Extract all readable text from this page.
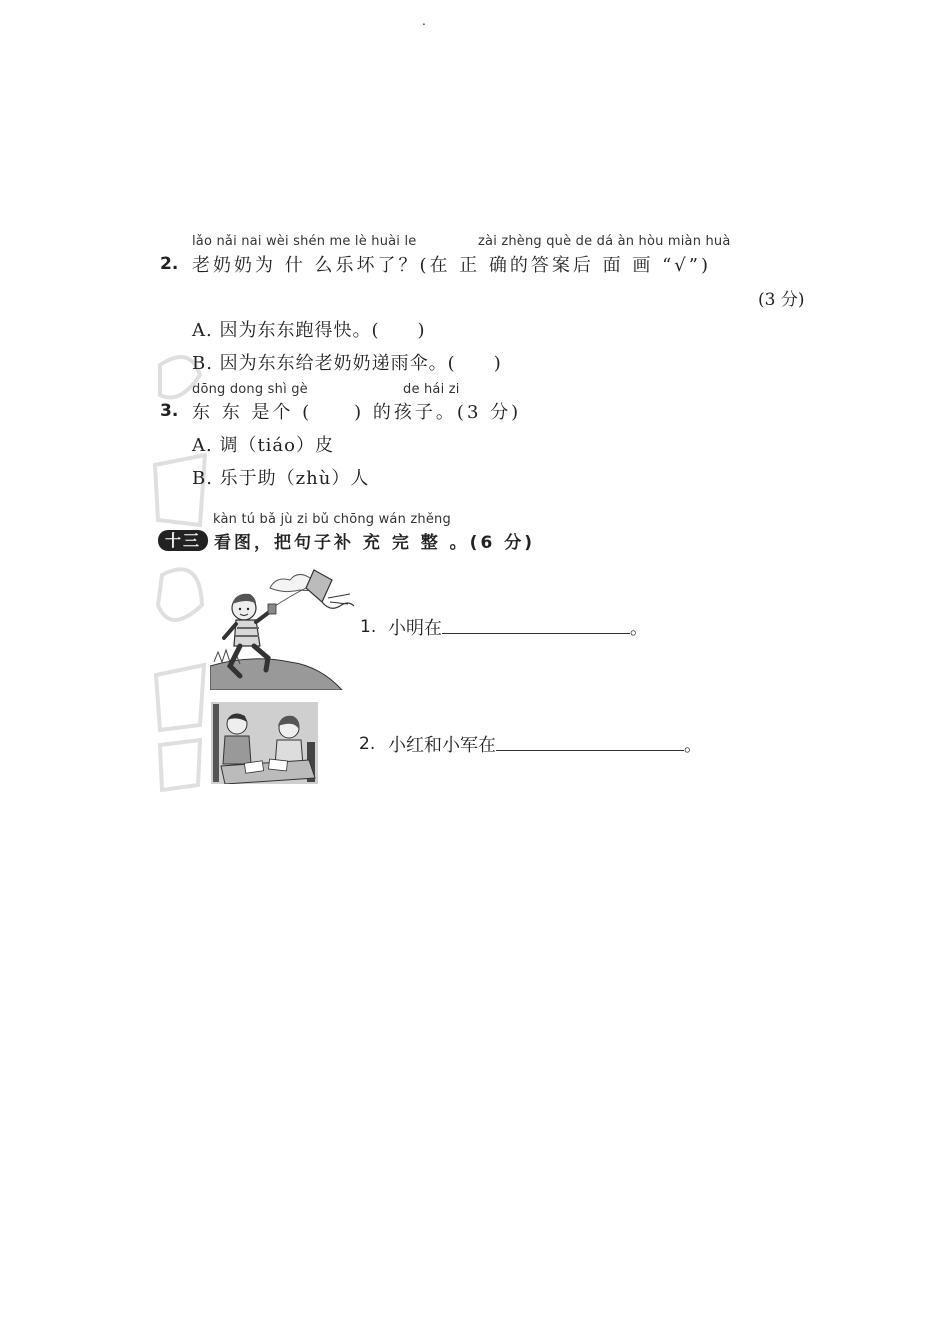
.
lǎo nǎi nai wèi shén me lè huài le	zài zhèng què de dá àn hòu miàn huà
2. 老奶奶为 什 么乐坏了？(在 正 确的答案后 面 画 “√”)
(3 分)
A. 因为东东跑得快。(　　)
B. 因为东东给老奶奶递雨伞。(　　)
dōng dong shì gè	de hái zi
3. 东 东 是个 (　　) 的孩子。(3 分)
A. 调（tiáo）皮
B. 乐于助（zhù）人
kàn tú bǎ jù zi bǔ chōng wán zhěng
十三 看图，把句子补 充 完 整 。(6 分)
1. 小明在	。
2. 小红和小军在	。
